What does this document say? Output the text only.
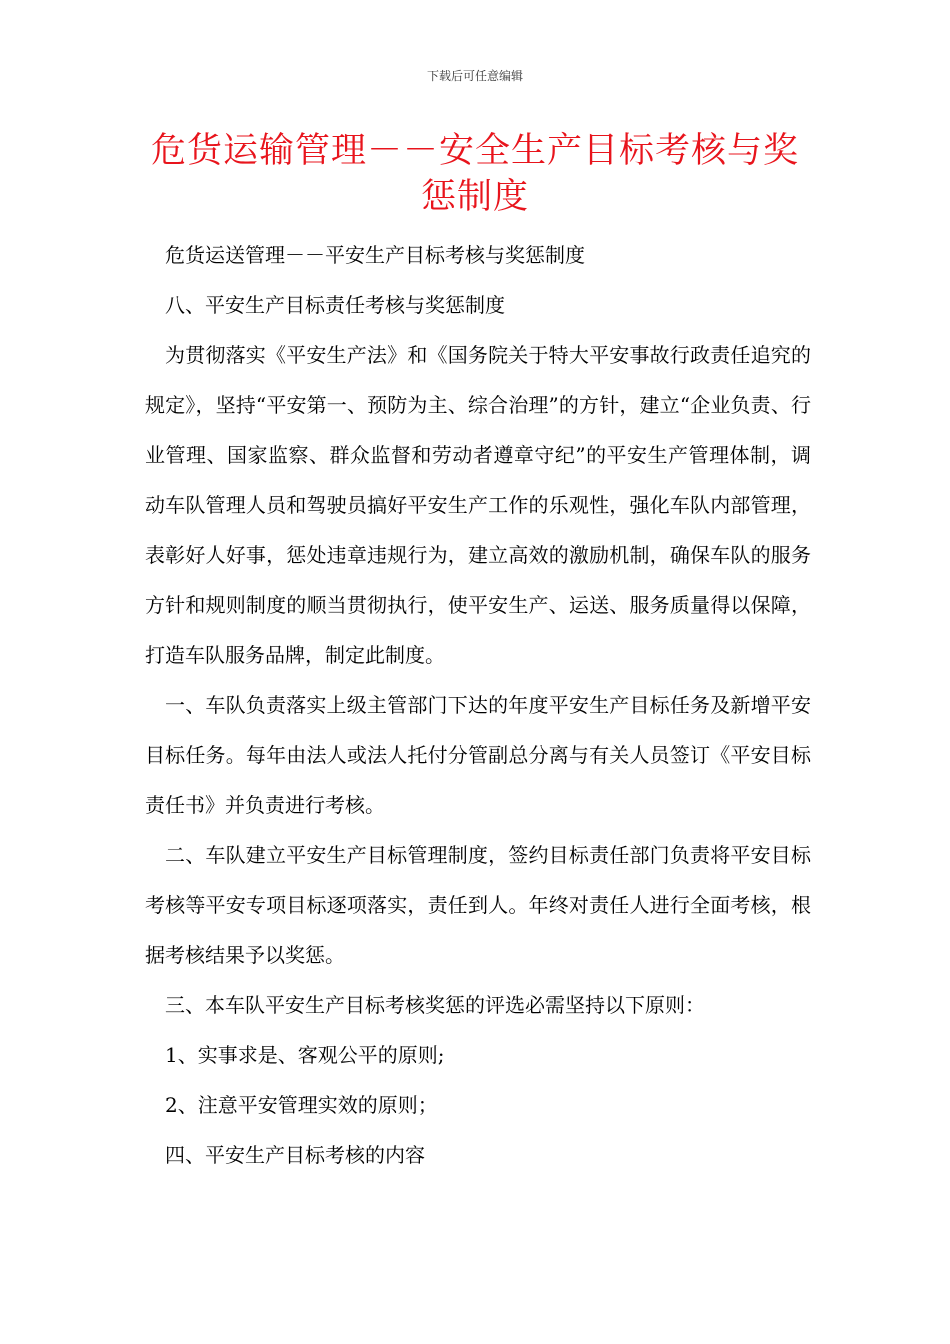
下载后可任意编辑
危货运输管理－－安全生产目标考核与奖惩制度

危货运送管理－－平安生产目标考核与奖惩制度

八、平安生产目标责任考核与奖惩制度

为贯彻落实《平安生产法》和《国务院关于特大平安事故行政责任追究的规定》，坚持“平安第一、预防为主、综合治理”的方针，建立“企业负责、行业管理、国家监察、群众监督和劳动者遵章守纪”的平安生产管理体制，调动车队管理人员和驾驶员搞好平安生产工作的乐观性，强化车队内部管理，表彰好人好事，惩处违章违规行为，建立高效的激励机制，确保车队的服务方针和规则制度的顺当贯彻执行，使平安生产、运送、服务质量得以保障，打造车队服务品牌，制定此制度。

一、车队负责落实上级主管部门下达的年度平安生产目标任务及新增平安目标任务。每年由法人或法人托付分管副总分离与有关人员签订《平安目标责任书》并负责进行考核。

二、车队建立平安生产目标管理制度，签约目标责任部门负责将平安目标考核等平安专项目标逐项落实，责任到人。年终对责任人进行全面考核，根据考核结果予以奖惩。

三、本车队平安生产目标考核奖惩的评选必需坚持以下原则：

1、实事求是、客观公平的原则;

2、注意平安管理实效的原则；

四、平安生产目标考核的内容
